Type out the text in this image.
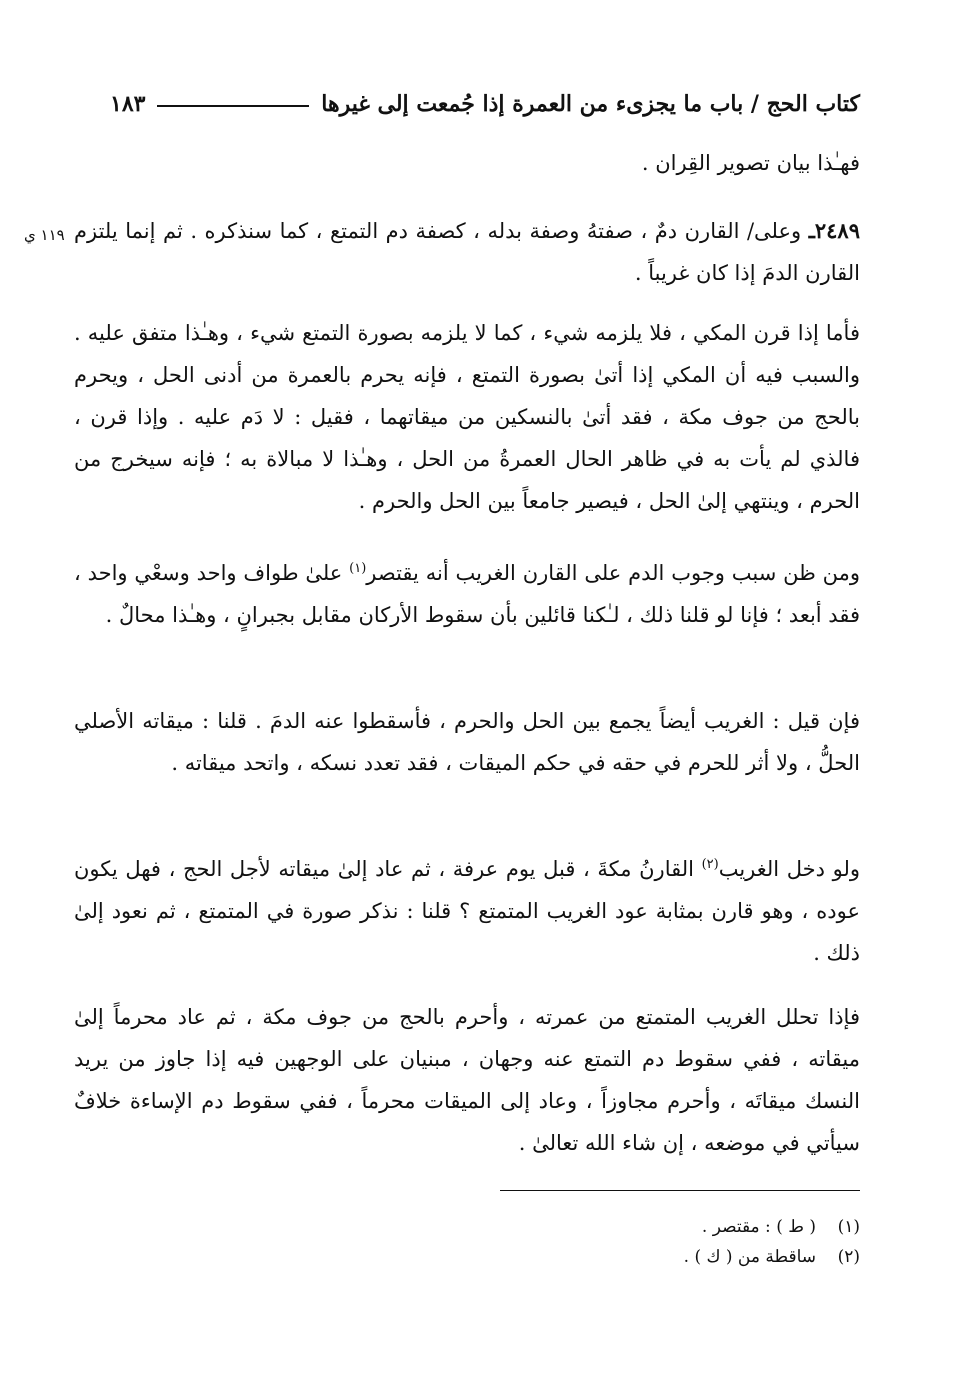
كتاب الحج / باب ما يجزىء من العمرة إذا جُمعت إلى غيرها
١٨٣

فهـٰذا بيان تصوير القِران .

١١٩ ي	٢٤٨٩ـ وعلى/ القارن دمٌ ، صفتهُ وصفة بدله ، كصفة دم التمتع ، كما سنذكره . ثم إنما يلتزم القارن الدمَ إذا كان غريباً .

فأما إذا قرن المكي ، فلا يلزمه شيء ، كما لا يلزمه بصورة التمتع شيء ، وهـٰذا متفق عليه . والسبب فيه أن المكي إذا أتىٰ بصورة التمتع ، فإنه يحرم بالعمرة من أدنى الحل ، ويحرم بالحج من جوف مكة ، فقد أتىٰ بالنسكين من ميقاتهما ، فقيل : لا دَم عليه . وإذا قرن ، فالذي لم يأت به في ظاهر الحال العمرةُ من الحل ، وهـٰذا لا مبالاة به ؛ فإنه سيخرج من الحرم ، وينتهي إلىٰ الحل ، فيصير جامعاً بين الحل والحرم .

ومن ظن سبب وجوب الدم على القارن الغريب أنه يقتصر$^{(١)}$ علىٰ طواف واحد وسعْي واحد ، فقد أبعد ؛ فإنا لو قلنا ذلك ، لـٰكنا قائلين بأن سقوط الأركان مقابل بجبرانٍ ، وهـٰذا محالٌ .

فإن قيل : الغريب أيضاً يجمع بين الحل والحرم ، فأسقطوا عنه الدمَ . قلنا : ميقاته الأصلي الحلُّ ، ولا أثر للحرم في حقه في حكم الميقات ، فقد تعدد نسكه ، واتحد ميقاته .

ولو دخل الغريب$^{(٢)}$ القارنُ مكةَ ، قبل يوم عرفة ، ثم عاد إلىٰ ميقاته لأجل الحج ، فهل يكون عوده ، وهو قارن بمثابة عود الغريب المتمتع ؟ قلنا : نذكر صورة في المتمتع ، ثم نعود إلىٰ ذلك .

فإذا تحلل الغريب المتمتع من عمرته ، وأحرم بالحج من جوف مكة ، ثم عاد محرماً إلىٰ ميقاته ، ففي سقوط دم التمتع عنه وجهان ، مبنيان على الوجهين فيه إذا جاوز من يريد النسك ميقاتَه ، وأحرم مجاوزاً ، وعاد إلى الميقات محرماً ، ففي سقوط دم الإساءة خلافٌ سيأتي في موضعه ، إن شاء الله تعالىٰ .

(١)
( ط ) : مقتصر .
(٢)
ساقطة من ( ك ) .
